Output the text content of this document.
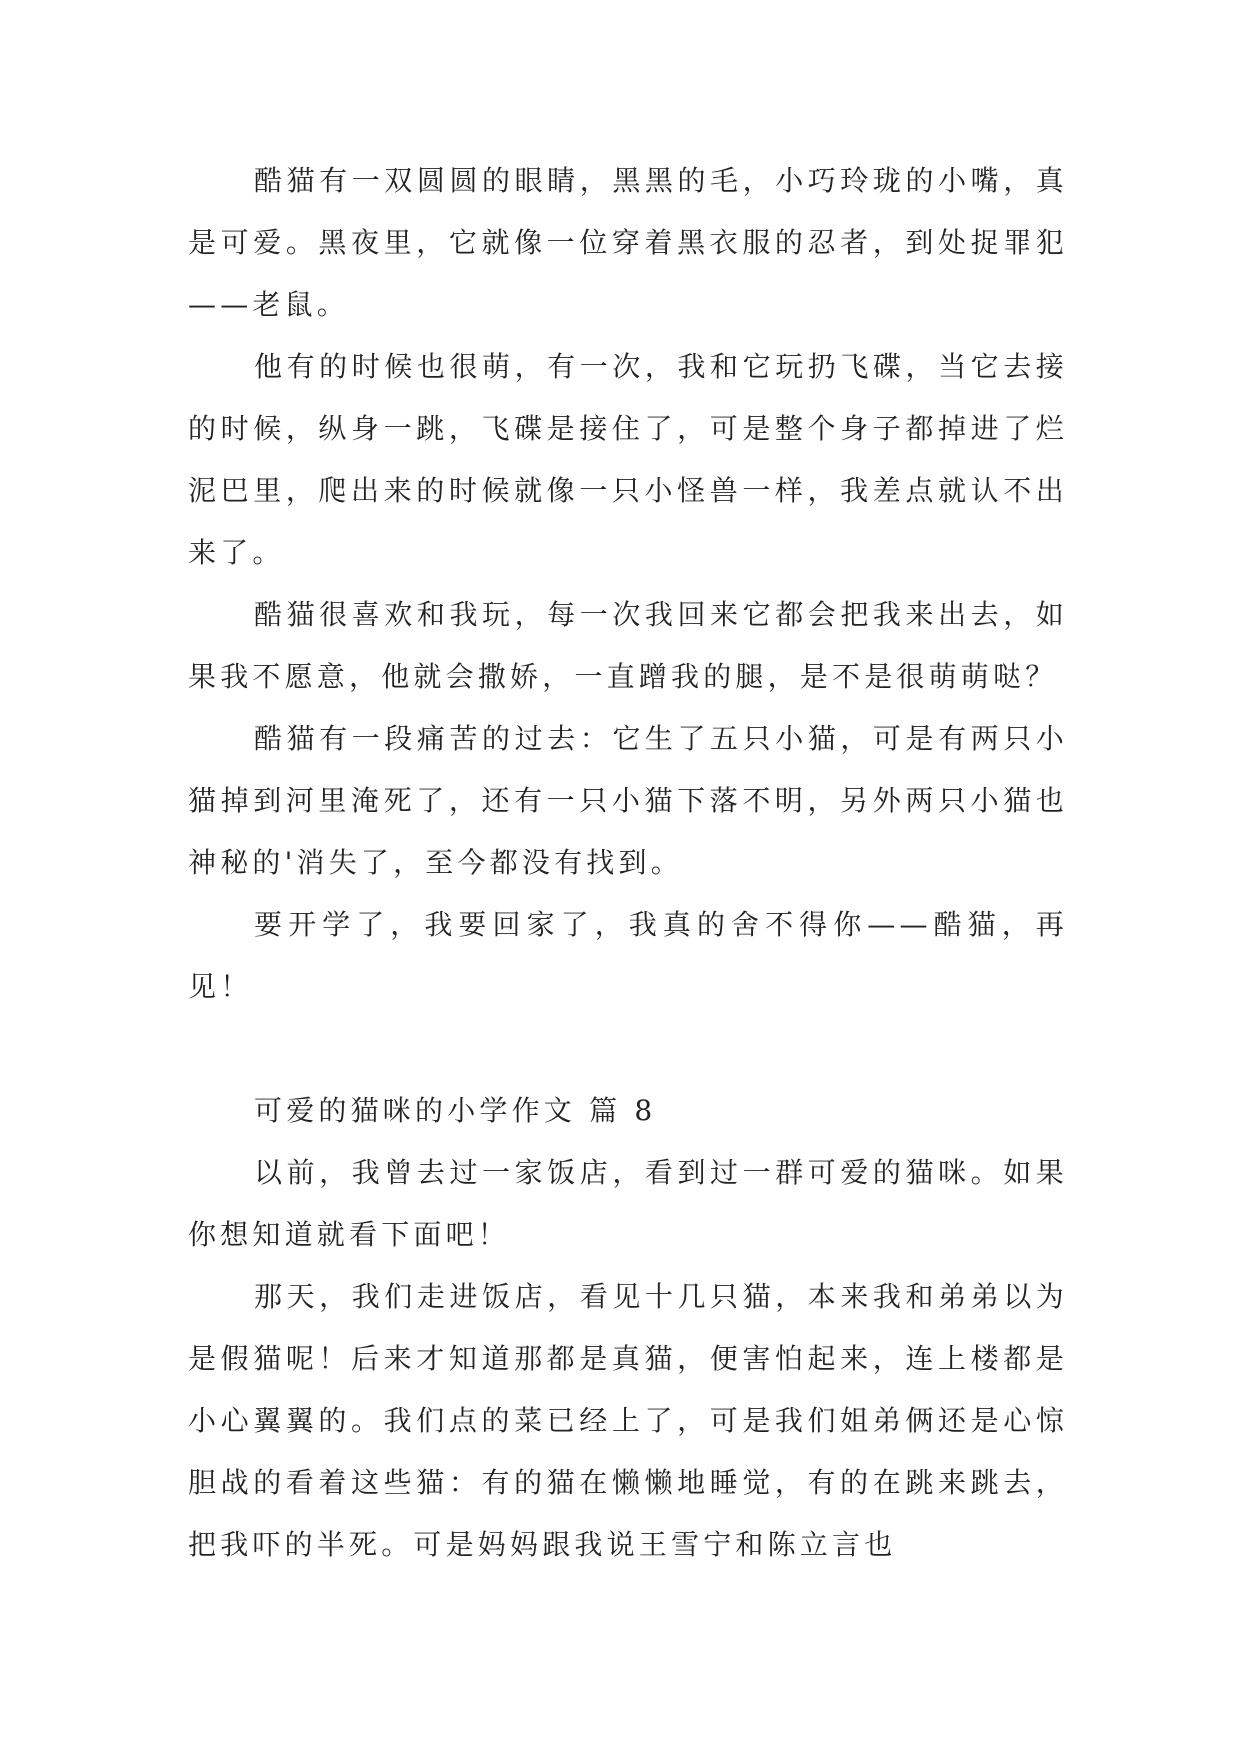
酷猫有一双圆圆的眼睛，黑黑的毛，小巧玲珑的小嘴，真是可爱。黑夜里，它就像一位穿着黑衣服的忍者，到处捉罪犯——老鼠。

他有的时候也很萌，有一次，我和它玩扔飞碟，当它去接的时候，纵身一跳，飞碟是接住了，可是整个身子都掉进了烂泥巴里，爬出来的时候就像一只小怪兽一样，我差点就认不出来了。

酷猫很喜欢和我玩，每一次我回来它都会把我来出去，如果我不愿意，他就会撒娇，一直蹭我的腿，是不是很萌萌哒？

酷猫有一段痛苦的过去：它生了五只小猫，可是有两只小猫掉到河里淹死了，还有一只小猫下落不明，另外两只小猫也神秘的'消失了，至今都没有找到。

要开学了，我要回家了，我真的舍不得你——酷猫，再见！

可爱的猫咪的小学作文 篇 8

以前，我曾去过一家饭店，看到过一群可爱的猫咪。如果你想知道就看下面吧！

那天，我们走进饭店，看见十几只猫，本来我和弟弟以为是假猫呢！后来才知道那都是真猫，便害怕起来，连上楼都是小心翼翼的。我们点的菜已经上了，可是我们姐弟俩还是心惊胆战的看着这些猫：有的猫在懒懒地睡觉，有的在跳来跳去，把我吓的半死。可是妈妈跟我说王雪宁和陈立言也
